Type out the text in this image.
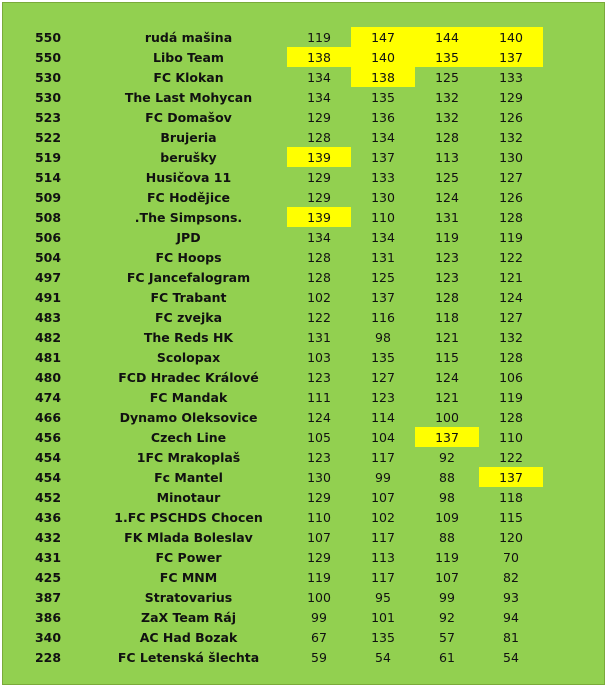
550	rudá mašina	119	147	144	140
550	Libo Team	138	140	135	137
530	FC Klokan	134	138	125	133
530	The Last Mohycan	134	135	132	129
523	FC Domašov	129	136	132	126
522	Brujeria	128	134	128	132
519	berušky	139	137	113	130
514	Husičova 11	129	133	125	127
509	FC Hodějice	129	130	124	126
508	.The Simpsons.	139	110	131	128
506	JPD	134	134	119	119
504	FC Hoops	128	131	123	122
497	FC Jancefalogram	128	125	123	121
491	FC Trabant	102	137	128	124
483	FC zvejka	122	116	118	127
482	The Reds HK	131	98	121	132
481	Scolopax	103	135	115	128
480	FCD Hradec Králové	123	127	124	106
474	FC Mandak	111	123	121	119
466	Dynamo Oleksovice	124	114	100	128
456	Czech Line	105	104	137	110
454	1FC Mrakoplaš	123	117	92	122
454	Fc Mantel	130	99	88	137
452	Minotaur	129	107	98	118
436	1.FC PSCHDS Chocen	110	102	109	115
432	FK Mlada Boleslav	107	117	88	120
431	FC Power	129	113	119	70
425	FC MNM	119	117	107	82
387	Stratovarius	100	95	99	93
386	ZaX Team Ráj	99	101	92	94
340	AC Had Bozak	67	135	57	81
228	FC Letenská šlechta	59	54	61	54
